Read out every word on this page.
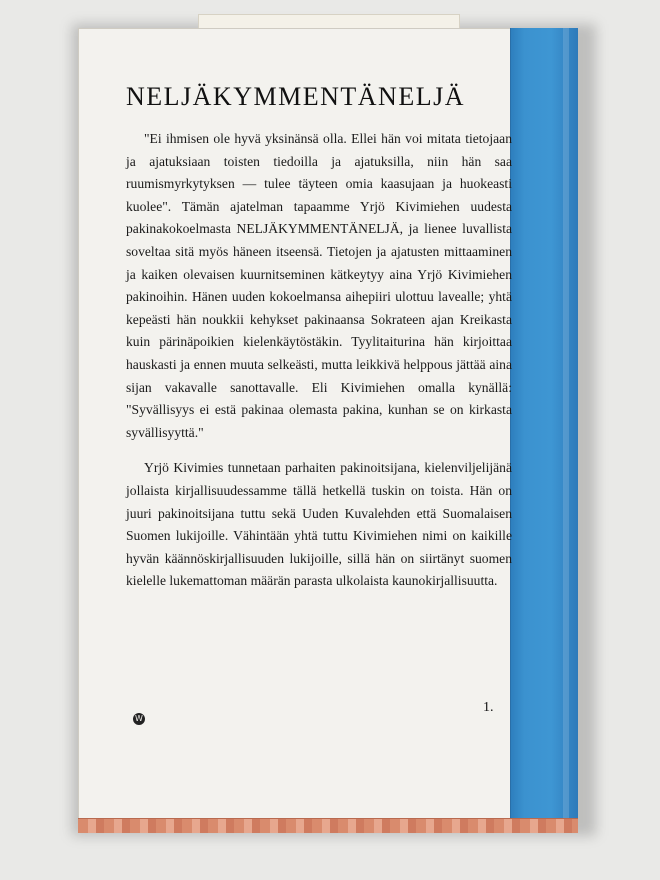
NELJÄKYMMENTÄNELJÄ

"Ei ihmisen ole hyvä yksinänsä olla. Ellei hän voi mitata tietojaan ja ajatuksiaan toisten tiedoilla ja ajatuksilla, niin hän saa ruumismyrkytyksen — tulee täyteen omia kaasujaan ja huokeasti kuolee". Tämän ajatelman tapaamme Yrjö Kivimiehen uudesta pakinakokoelmasta NELJÄKYMMENTÄNELJÄ, ja lienee luvallista soveltaa sitä myös häneen itseensä. Tietojen ja ajatusten mittaaminen ja kaiken olevaisen kuurnitseminen kätkeytyy aina Yrjö Kivimiehen pakinoihin. Hänen uuden kokoelmansa aihepiiri ulottuu lavealle; yhtä kepeästi hän noukkii kehykset pakinaansa Sokrateen ajan Kreikasta kuin pärinäpoikien kielenkäytöstäkin. Tyylitaiturina hän kirjoittaa hauskasti ja ennen muuta selkeästi, mutta leikkivä helppous jättää aina sijan vakavalle sanottavalle. Eli Kivimiehen omalla kynällä: "Syvällisyys ei estä pakinaa olemasta pakina, kunhan se on kirkasta syvällisyyttä."

Yrjö Kivimies tunnetaan parhaiten pakinoitsijana, kielenviljelijänä jollaista kirjallisuudessamme tällä hetkellä tuskin on toista. Hän on juuri pakinoitsijana tuttu sekä Uuden Kuvalehden että Suomalaisen Suomen lukijoille. Vähintään yhtä tuttu Kivimiehen nimi on kaikille hyvän käännöskirjallisuuden lukijoille, sillä hän on siirtänyt suomen kielelle lukemattoman määrän parasta ulkolaista kaunokirjallisuutta.

W
1.
